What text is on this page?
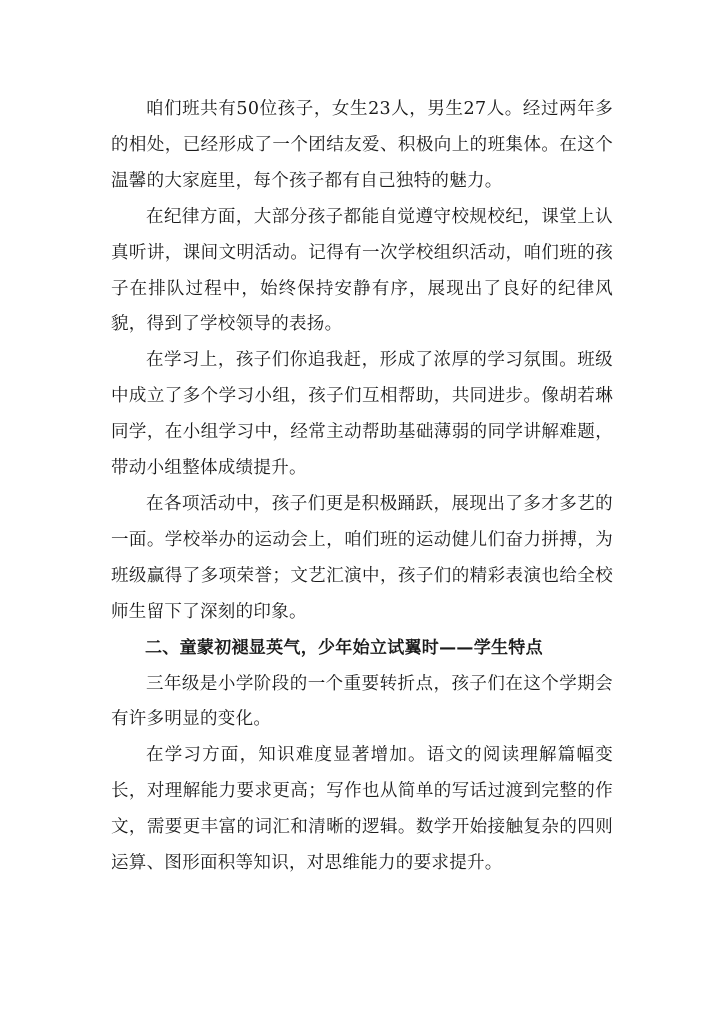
咱们班共有50位孩子，女生23人，男生27人。经过两年多的相处，已经形成了一个团结友爱、积极向上的班集体。在这个温馨的大家庭里，每个孩子都有自己独特的魅力。

在纪律方面，大部分孩子都能自觉遵守校规校纪，课堂上认真听讲，课间文明活动。记得有一次学校组织活动，咱们班的孩子在排队过程中，始终保持安静有序，展现出了良好的纪律风貌，得到了学校领导的表扬。

在学习上，孩子们你追我赶，形成了浓厚的学习氛围。班级中成立了多个学习小组，孩子们互相帮助，共同进步。像胡若琳同学，在小组学习中，经常主动帮助基础薄弱的同学讲解难题，带动小组整体成绩提升。

在各项活动中，孩子们更是积极踊跃，展现出了多才多艺的一面。学校举办的运动会上，咱们班的运动健儿们奋力拼搏，为班级赢得了多项荣誉；文艺汇演中，孩子们的精彩表演也给全校师生留下了深刻的印象。

二、童蒙初褪显英气，少年始立试翼时——学生特点

三年级是小学阶段的一个重要转折点，孩子们在这个学期会有许多明显的变化。

在学习方面，知识难度显著增加。语文的阅读理解篇幅变长，对理解能力要求更高；写作也从简单的写话过渡到完整的作文，需要更丰富的词汇和清晰的逻辑。数学开始接触复杂的四则运算、图形面积等知识，对思维能力的要求提升。
